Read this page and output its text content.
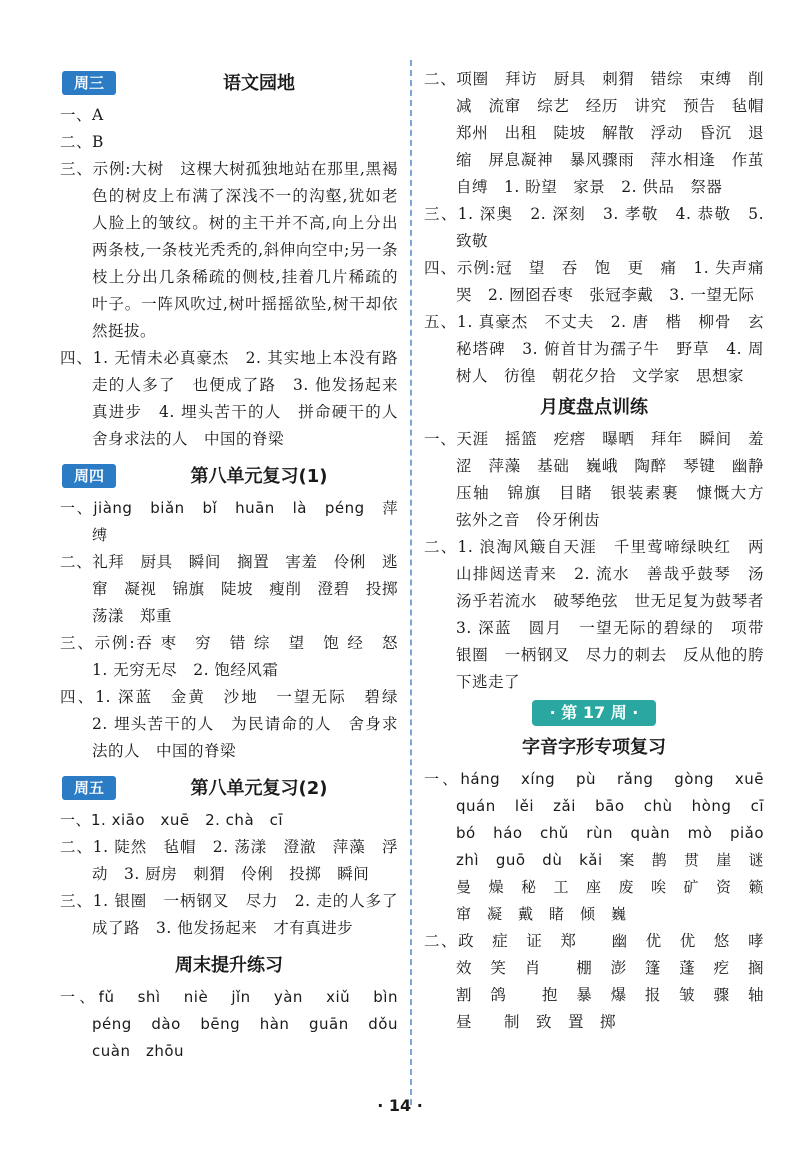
周三	语文园地

一、A

二、B

三、示例:大树　这棵大树孤独地站在那里,黑褐色的树皮上布满了深浅不一的沟壑,犹如老人脸上的皱纹。树的主干并不高,向上分出两条枝,一条枝光秃秃的,斜伸向空中;另一条枝上分出几条稀疏的侧枝,挂着几片稀疏的叶子。一阵风吹过,树叶摇摇欲坠,树干却依然挺拔。

四、1. 无情未必真豪杰　2. 其实地上本没有路　走的人多了　也便成了路　3. 他发扬起来　真进步　4. 埋头苦干的人　拼命硬干的人　舍身求法的人　中国的脊梁

周四	第八单元复习(1)

一、jiàng　biǎn　bǐ　huān　là　péng　萍　缚

二、礼拜　厨具　瞬间　搁置　害羞　伶俐　逃窜　凝视　锦旗　陡坡　瘦削　澄碧　投掷　荡漾　郑重

三、示例:吞 枣　穷　错 综　望　饱 经　怒　1. 无穷无尽　2. 饱经风霜

四、1. 深蓝　金黄　沙地　一望无际　碧绿　2. 埋头苦干的人　为民请命的人　舍身求法的人　中国的脊梁

周五	第八单元复习(2)

一、1. xiāo　xuē　2. chà　cī

二、1. 陡然　毡帽　2. 荡漾　澄澈　萍藻　浮动　3. 厨房　刺猬　伶俐　投掷　瞬间

三、1. 银圈　一柄钢叉　尽力　2. 走的人多了　成了路　3. 他发扬起来　才有真进步

周末提升练习

一、fǔ　shì　niè　jǐn　yàn　xiǔ　bìn　péng　dào　bēng　hàn　guān　dǒu　cuàn　zhōu

二、项圈　拜访　厨具　刺猬　错综　束缚　削减　流窜　综艺　经历　讲究　预告　毡帽　郑州　出租　陡坡　解散　浮动　昏沉　退缩　屏息凝神　暴风骤雨　萍水相逢　作茧自缚　1. 盼望　家景　2. 供品　祭器

三、1. 深奥　2. 深刻　3. 孝敬　4. 恭敬　5. 致敬

四、示例:冠　望　吞　饱　更　痛　1. 失声痛哭　2. 囫囵吞枣　张冠李戴　3. 一望无际

五、1. 真豪杰　不丈夫　2. 唐　楷　柳骨　玄秘塔碑　3. 俯首甘为孺子牛　野草　4. 周树人　彷徨　朝花夕拾　文学家　思想家

月度盘点训练

一、天涯　摇篮　疙瘩　曝晒　拜年　瞬间　羞涩　萍藻　基础　巍峨　陶醉　琴键　幽静　压轴　锦旗　目睹　银装素裹　慷慨大方　弦外之音　伶牙俐齿

二、1. 浪淘风簸自天涯　千里莺啼绿映红　两山排闼送青来　2. 流水　善哉乎鼓琴　汤汤乎若流水　破琴绝弦　世无足复为鼓琴者　3. 深蓝　圆月　一望无际的碧绿的　项带银圈　一柄钢叉　尽力的刺去　反从他的胯下逃走了

· 第 17 周 ·
字音字形专项复习

一、háng　xíng　pù　rǎng　gòng　xuē　quán　lěi　zǎi　bāo　chù　hòng　cī　bó　háo　chǔ　rùn　quàn　mò　piǎo　zhì　guō　dù　kǎi　案　鹊　贯　崖　谜　曼　燥　秘　工　座　废　唉　矿　资　籁　窜　凝　戴　睹　倾　巍

二、政　症　证　郑　　幽　优　优　悠　哮　效　笑　肖　　棚　澎　篷　蓬　疙　搁　割　鸽　　抱　暴　爆　报　皱　骤　轴　昼　　制　致　置　掷

· 14 ·
